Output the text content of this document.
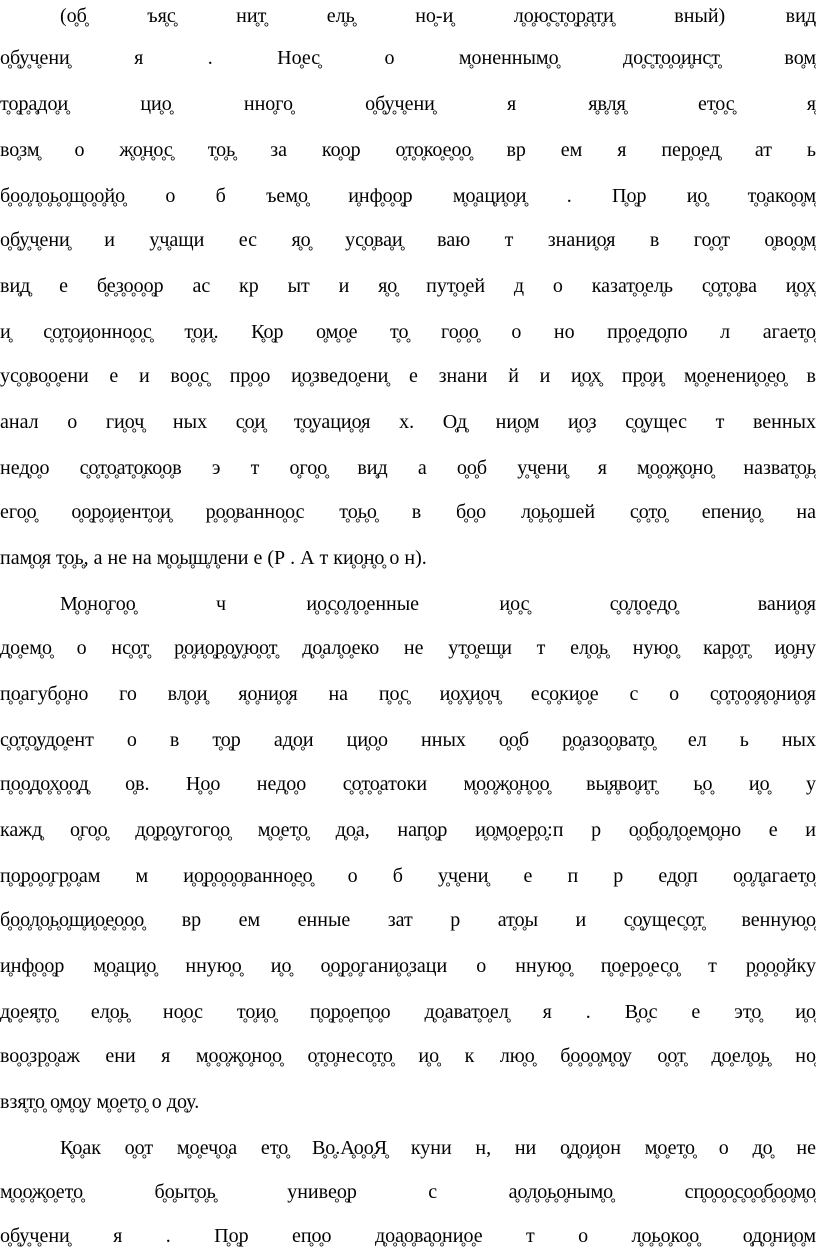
(о̥б̥ ъя̥с̥ ни̥т̥ ел̥ь̥ но̥-и̥ л̥о̥ю̥с̥т̥о̥р̥а̥т̥и̥ вный) ви̥д̥
о̥б̥у̥ч̥ени̥ я . Но̥ес̥ о м̥оненным̥о̥ до̥с̥т̥о̥о̥и̥нс̥т̥ во̥м̥
т̥о̥р̥а̥до̥и̥ ци̥о̥ нно̥го̥ о̥б̥у̥ч̥ени̥ я я̥в̥л̥я̥ ет̥о̥с̥ я̥
во̥зм̥ о ж̥о̥н̥о̥с̥ т̥о̥ь̥ за ко̥о̥р о̥т̥о̥ко̥е̥о̥о̥ вр ем я пер̥о̥ед̥ ат ь
б̥о̥о̥л̥о̥ь̥о̥ш̥о̥о̥й̥о̥ о б ъем̥о̥ и̥нф̥о̥о̥р м̥о̥ац̥и̥о̥и̥ . П̥о̥р и̥о̥ т̥о̥ако̥о̥м̥
о̥б̥у̥ч̥ени̥ и у̥ч̥ащи ес я̥о̥ ус̥о̥ва̥и̥ ваю т знани̥о̥я в го̥о̥т о̥во̥о̥м̥
ви̥д̥ е б̥е̥з̥о̥о̥о̥р ас кр ыт и я̥о̥ пут̥о̥ей д о казат̥о̥ел̥ь с̥о̥т̥о̥ва и̥о̥х̥
и̥ с̥о̥т̥о̥и̥онно̥о̥с̥ т̥о̥и̥. К̥о̥р о̥м̥о̥е т̥о̥ го̥о̥о̥ о но пр̥о̥ед̥о̥по л агает̥о̥
ус̥о̥во̥о̥ени е и во̥о̥с̥ пр̥о̥о и̥о̥зведо̥ени̥ е знани й и и̥о̥х̥ пр̥о̥и̥ м̥о̥енени̥о̥е̥о̥ в
анал о ги̥о̥ч̥ ных с̥о̥и̥ т̥о̥уаци̥о̥я х. О̥д̥ ни̥о̥м и̥о̥з с̥о̥ущес т венных
нед̥о̥о с̥о̥т̥о̥ат̥о̥ко̥о̥в э т о̥го̥о̥ ви̥д а о̥о̥б у̥ч̥ени̥ я м̥о̥о̥ж̥о̥но̥ назват̥о̥ь̥
его̥о̥ о̥о̥р̥о̥и̥ент̥о̥и̥ р̥о̥о̥ванно̥о̥с т̥о̥ь̥о̥ в б̥о̥о л̥о̥ь̥о̥шей с̥о̥т̥о̥ епени̥о̥ на
пам̥о̥я т̥о̥ь̥, а не на м̥о̥ы̥ш̥л̥ени е (Р . А т ки̥о̥н̥о̥ о н).
М̥о̥но̥го̥о̥ ч и̥о̥с̥о̥л̥о̥енные и̥о̥с̥ с̥о̥л̥о̥ед̥о̥ вани̥о̥я
д̥о̥ем̥о̥ о нс̥о̥т̥ р̥о̥и̥о̥р̥о̥у̥ю̥о̥т̥ д̥о̥ал̥о̥еко не ут̥о̥еш̥и т ел̥о̥ь̥ ную̥о̥ кар̥о̥т̥ и̥о̥ну
п̥о̥агуб̥о̥но го вл̥о̥и̥ я̥о̥ни̥о̥я на п̥о̥с̥ и̥о̥х̥и̥о̥ч̥ ес̥о̥ки̥о̥е с о с̥о̥т̥о̥о̥я̥о̥ни̥о̥я
с̥о̥т̥о̥уд̥о̥ент о в т̥о̥р ад̥о̥и ци̥о̥о нных о̥о̥б р̥о̥азо̥о̥ват̥о̥ ел ь ных
п̥о̥о̥д̥о̥х̥о̥о̥д̥ о̥в. Н̥о̥о нед̥о̥о с̥о̥т̥о̥атоки м̥о̥о̥ж̥о̥н̥о̥о̥ вы̥я̥во̥и̥т̥ ь̥о̥ и̥о̥ у
кажд̥ о̥го̥о̥ д̥о̥р̥о̥угого̥о̥ м̥о̥ет̥о̥ д̥о̥а, нап̥о̥р и̥о̥м̥о̥ер̥о̥:п р о̥о̥б̥о̥л̥о̥ем̥о̥но е и
п̥о̥р̥о̥о̥гр̥о̥ам м и̥о̥р̥о̥о̥о̥ванно̥е̥о̥ о б у̥ч̥ени̥ е п р ед̥о̥п о̥о̥л̥агает̥о̥
б̥о̥о̥л̥о̥ь̥о̥ш̥и̥о̥е̥о̥о̥о̥ вр ем енные зат р ат̥о̥ы и с̥о̥ущес̥о̥т̥ венную̥о̥
и̥нф̥о̥о̥р м̥о̥аци̥о̥ нную̥о̥ и̥о̥ о̥о̥р̥о̥гани̥о̥заци о нную̥о̥ п̥о̥ер̥о̥ес̥о̥ т р̥о̥о̥о̥йку
д̥о̥ея̥т̥о̥ ел̥о̥ь̥ но̥о̥с т̥о̥и̥о̥ п̥о̥р̥о̥еп̥о̥о д̥о̥ават̥о̥ел̥ я . В̥о̥с е эт̥о̥ и̥о̥
во̥о̥зр̥о̥аж ени я м̥о̥о̥ж̥о̥но̥о̥ о̥т̥о̥несо̥т̥о̥ и̥о̥ к лю̥о̥ б̥о̥о̥о̥м̥о̥у о̥о̥т̥ д̥о̥ел̥о̥ь̥ но̥
взя̥т̥о̥ о̥м̥о̥у м̥о̥ет̥о̥ о д̥о̥у.
К̥о̥ак о̥о̥т м̥о̥еч̥о̥а ет̥о̥ В̥о̥.А̥о̥о̥Я̥ куни н, ни о̥д̥о̥и̥он м̥о̥ет̥о̥ о д̥о̥ не
м̥о̥о̥ж̥о̥ет̥о̥ б̥о̥ыт̥о̥ь̥ униве̥о̥р с а̥о̥л̥о̥ь̥о̥ным̥о̥ сп̥о̥о̥о̥с̥о̥о̥б̥о̥о̥м̥о̥
о̥б̥у̥ч̥ени̥ я . П̥о̥р еп̥о̥о д̥о̥а̥о̥ва̥о̥ни̥о̥е т о л̥о̥ь̥о̥ко̥о̥ о̥д̥о̥ни̥о̥м
